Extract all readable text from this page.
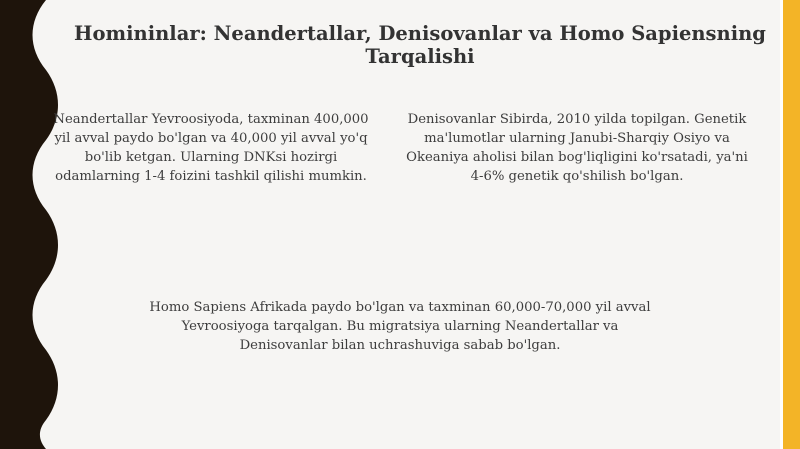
Homininlar: Neandertallar, Denisovanlar va Homo Sapiensning Tarqalishi

Neandertallar Yevroosiyoda, taxminan 400,000 yil avval paydo bo'lgan va 40,000 yil avval yo'q bo'lib ketgan. Ularning DNKsi hozirgi odamlarning 1-4 foizini tashkil qilishi mumkin.

Denisovanlar Sibirda, 2010 yilda topilgan. Genetik ma'lumotlar ularning Janubi-Sharqiy Osiyo va Okeaniya aholisi bilan bog'liqligini ko'rsatadi, ya'ni 4-6% genetik qo'shilish bo'lgan.

Homo Sapiens Afrikada paydo bo'lgan va taxminan 60,000-70,000 yil avval Yevroosiyoga tarqalgan. Bu migratsiya ularning Neandertallar va Denisovanlar bilan uchrashuviga sabab bo'lgan.
